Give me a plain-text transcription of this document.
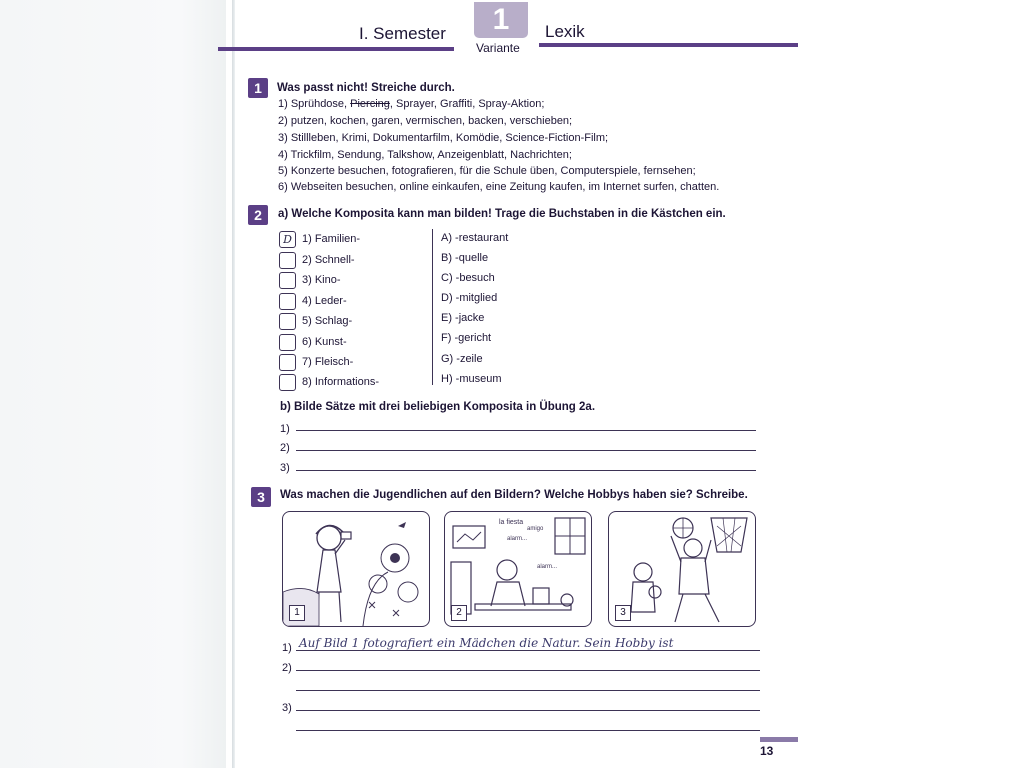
I. Semester	1
Variante
Lexik
1	Was passt nicht! Streiche durch.
1) Sprühdose, Piercing, Sprayer, Graffiti, Spray-Aktion;
2) putzen, kochen, garen, vermischen, backen, verschieben;
3) Stillleben, Krimi, Dokumentarfilm, Komödie, Science-Fiction-Film;
4) Trickfilm, Sendung, Talkshow, Anzeigenblatt, Nachrichten;
5) Konzerte besuchen, fotografieren, für die Schule üben, Computerspiele, fernsehen;
6) Webseiten besuchen, online einkaufen, eine Zeitung kaufen, im Internet surfen, chatten.
2	a) Welche Komposita kann man bilden! Trage die Buchstaben in die Kästchen ein.
D 1) Familien-
2) Schnell-
3) Kino-
4) Leder-
5) Schlag-
6) Kunst-
7) Fleisch-
8) Informations-
A) -restaurant
B) -quelle
C) -besuch
D) -mitglied
E) -jacke
F) -gericht
G) -zeile
H) -museum
b) Bilde Sätze mit drei beliebigen Komposita in Übung 2a.
1)
2)
3)
3	Was machen die Jugendlichen auf den Bildern? Welche Hobbys haben sie? Schreibe.
1
la fiesta
amigo
alarm...
alarm...
2	3
1) Auf Bild 1 fotografiert ein Mädchen die Natur. Sein Hobby ist
2)
3)
13
